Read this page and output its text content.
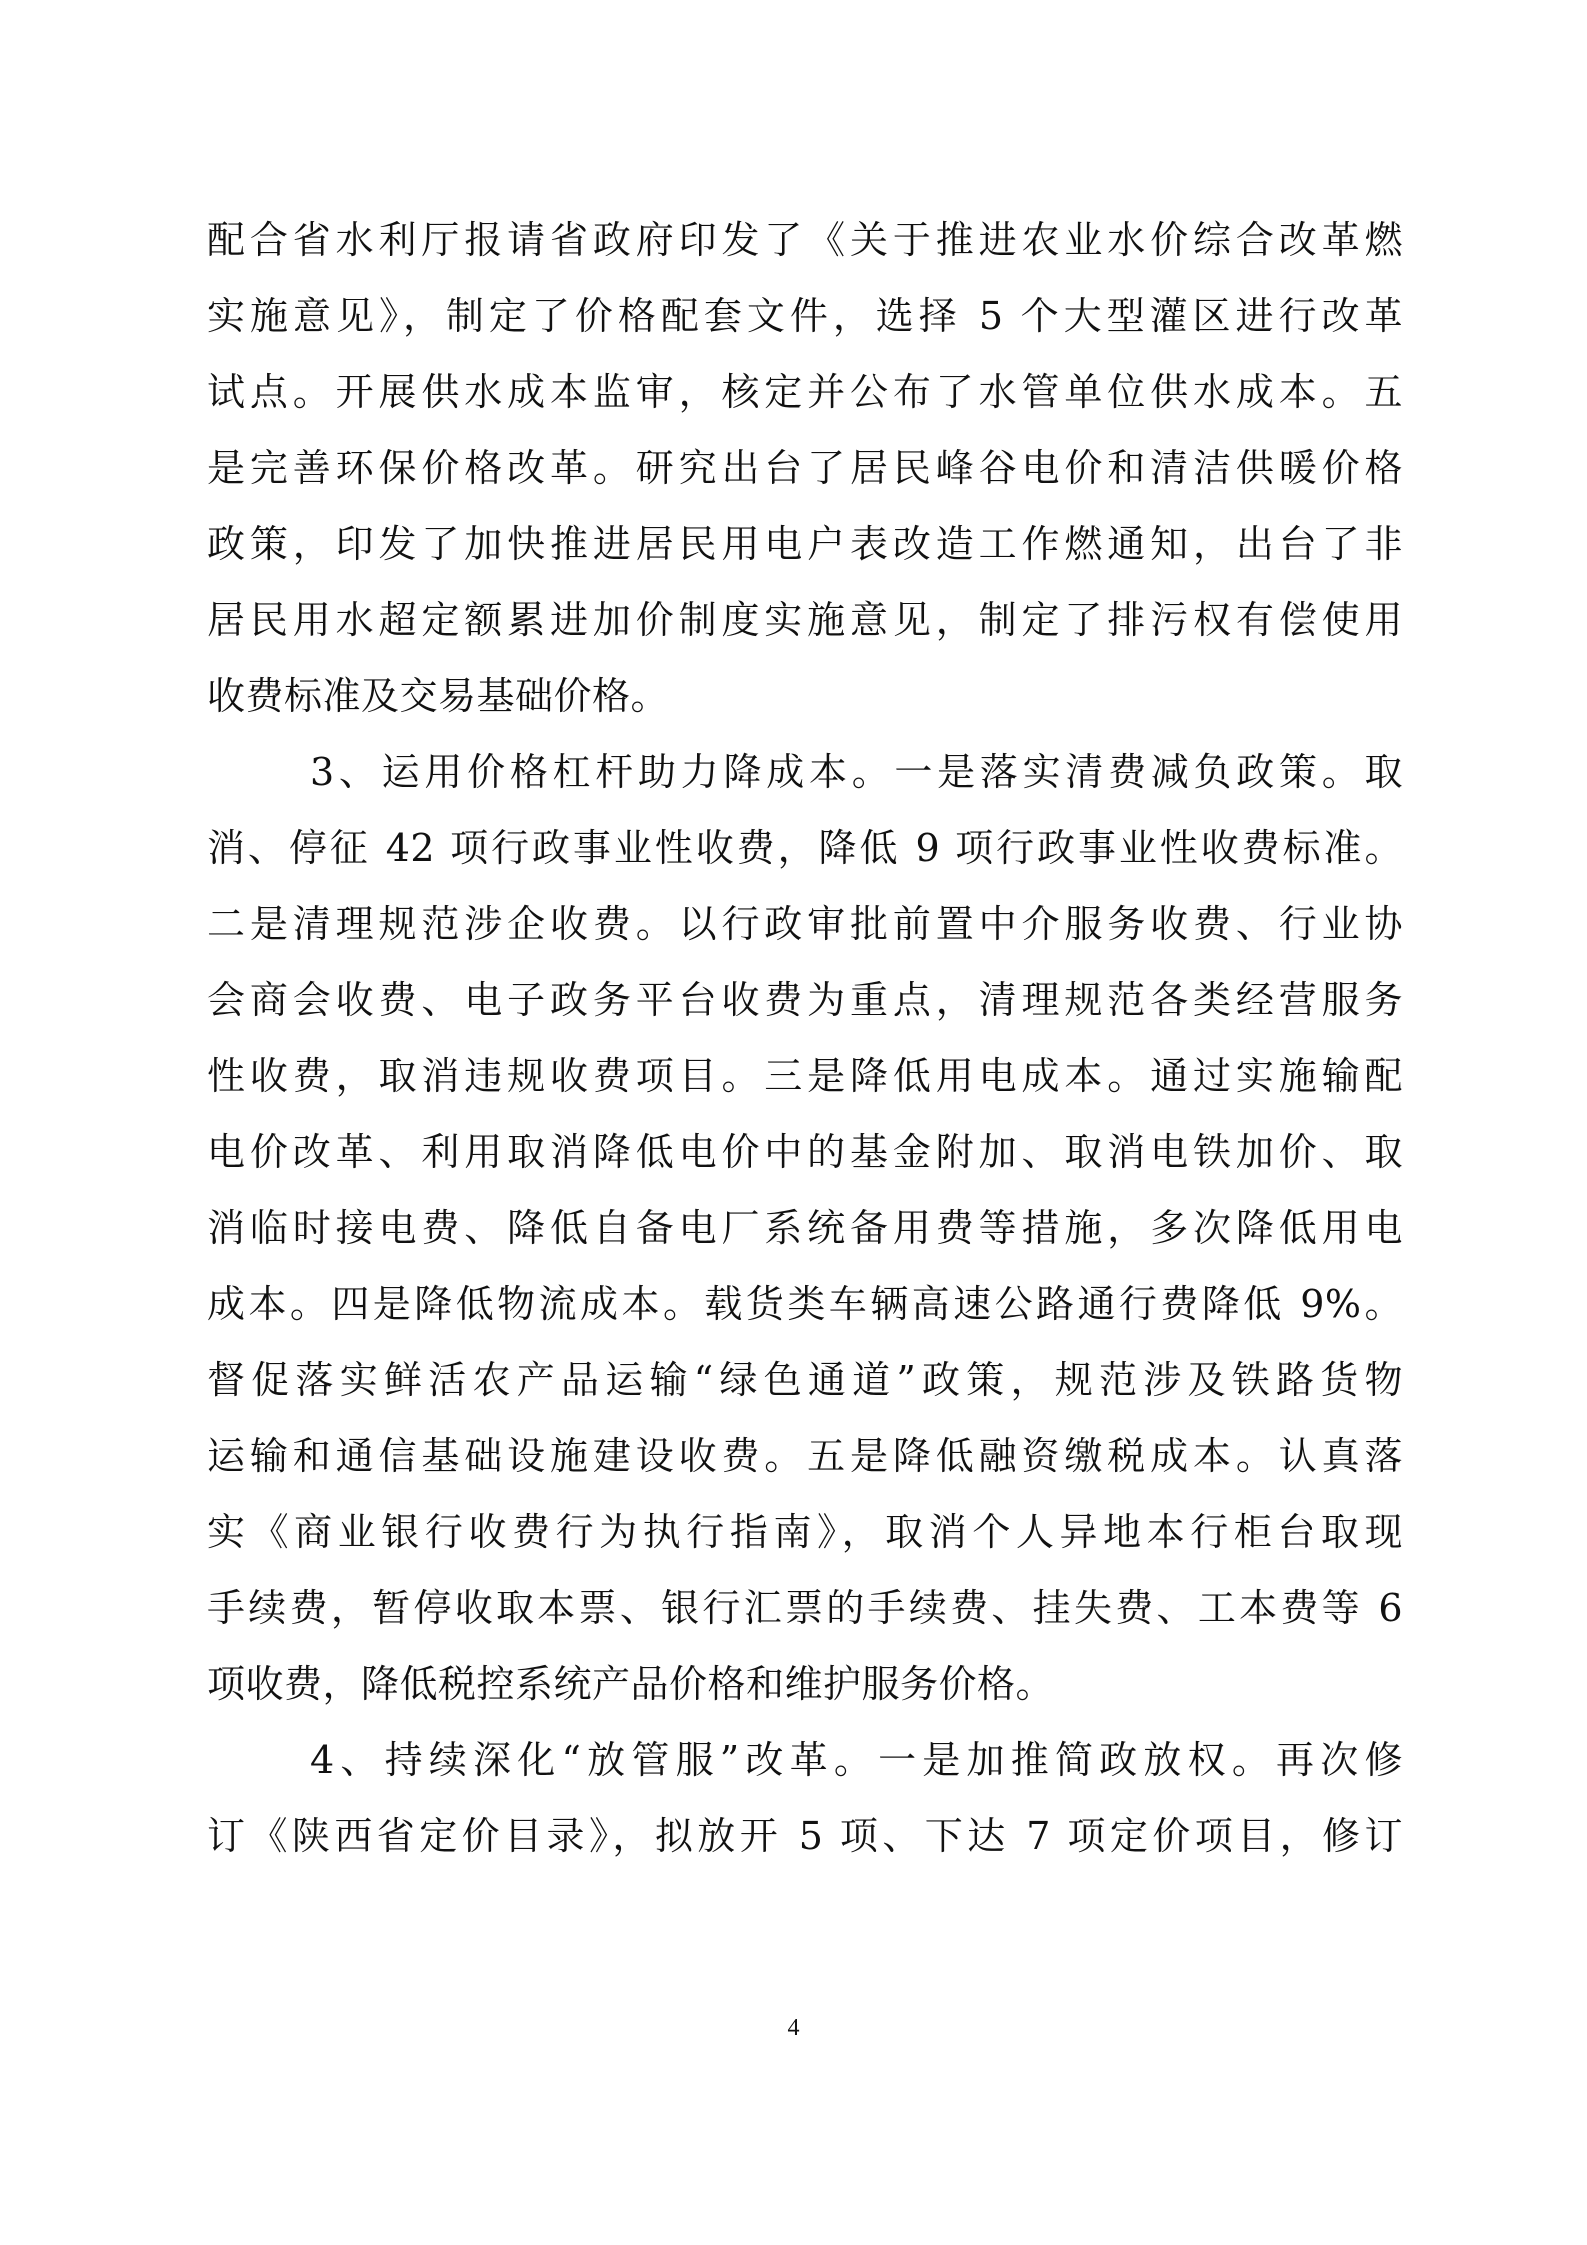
配合省水利厅报请省政府印发了《关于推进农业水价综合改革燃
实施意见》，制定了价格配套文件，选择 5 个大型灌区进行改革
试点。开展供水成本监审，核定并公布了水管单位供水成本。五
是完善环保价格改革。研究出台了居民峰谷电价和清洁供暖价格
政策，印发了加快推进居民用电户表改造工作燃通知，出台了非
居民用水超定额累进加价制度实施意见，制定了排污权有偿使用
收费标准及交易基础价格。
3、运用价格杠杆助力降成本。一是落实清费减负政策。取
消、停征 42 项行政事业性收费，降低 9 项行政事业性收费标准。
二是清理规范涉企收费。以行政审批前置中介服务收费、行业协
会商会收费、电子政务平台收费为重点，清理规范各类经营服务
性收费，取消违规收费项目。三是降低用电成本。通过实施输配
电价改革、利用取消降低电价中的基金附加、取消电铁加价、取
消临时接电费、降低自备电厂系统备用费等措施，多次降低用电
成本。四是降低物流成本。载货类车辆高速公路通行费降低 9%。
督促落实鲜活农产品运输“绿色通道”政策，规范涉及铁路货物
运输和通信基础设施建设收费。五是降低融资缴税成本。认真落
实《商业银行收费行为执行指南》，取消个人异地本行柜台取现
手续费，暂停收取本票、银行汇票的手续费、挂失费、工本费等 6
项收费，降低税控系统产品价格和维护服务价格。
4、持续深化“放管服”改革。一是加推简政放权。再次修
订《陕西省定价目录》，拟放开 5 项、下达 7 项定价项目，修订
4
